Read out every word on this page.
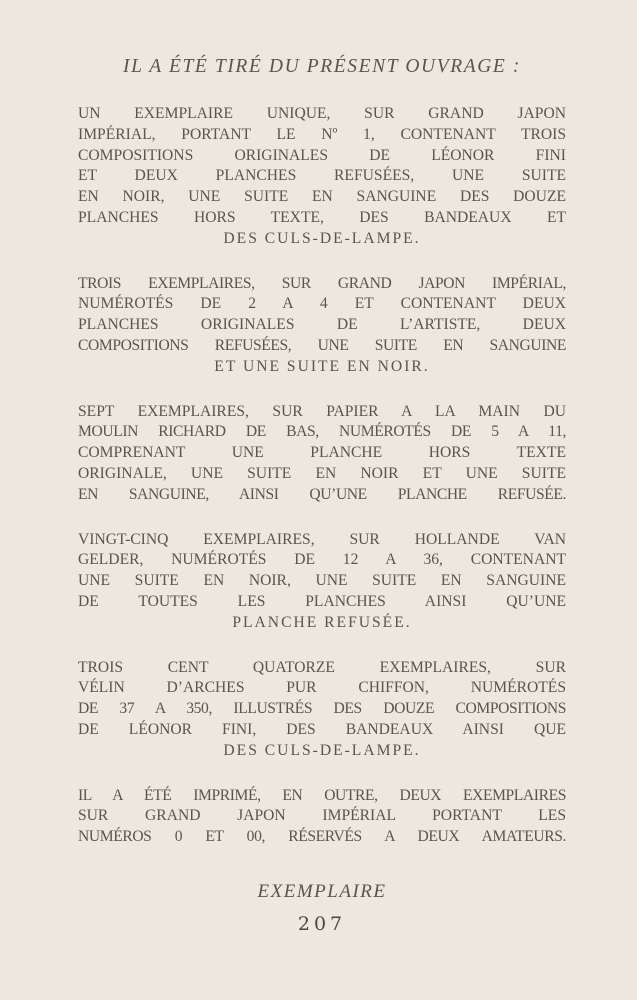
IL A ÉTÉ TIRÉ DU PRÉSENT OUVRAGE :
UN EXEMPLAIRE UNIQUE, SUR GRAND JAPON
IMPÉRIAL, PORTANT LE Nº 1, CONTENANT TROIS
COMPOSITIONS ORIGINALES DE LÉONOR FINI
ET DEUX PLANCHES REFUSÉES, UNE SUITE
EN NOIR, UNE SUITE EN SANGUINE DES DOUZE
PLANCHES HORS TEXTE, DES BANDEAUX ET
DES CULS-DE-LAMPE.
TROIS EXEMPLAIRES, SUR GRAND JAPON IMPÉRIAL,
NUMÉROTÉS DE 2 A 4 ET CONTENANT DEUX
PLANCHES ORIGINALES DE L’ARTISTE, DEUX
COMPOSITIONS REFUSÉES, UNE SUITE EN SANGUINE
ET UNE SUITE EN NOIR.
SEPT EXEMPLAIRES, SUR PAPIER A LA MAIN DU
MOULIN RICHARD DE BAS, NUMÉROTÉS DE 5 A 11,
COMPRENANT UNE PLANCHE HORS TEXTE
ORIGINALE, UNE SUITE EN NOIR ET UNE SUITE
EN SANGUINE, AINSI QU’UNE PLANCHE REFUSÉE.
VINGT-CINQ EXEMPLAIRES, SUR HOLLANDE VAN
GELDER, NUMÉROTÉS DE 12 A 36, CONTENANT
UNE SUITE EN NOIR, UNE SUITE EN SANGUINE
DE TOUTES LES PLANCHES AINSI QU’UNE
PLANCHE REFUSÉE.
TROIS CENT QUATORZE EXEMPLAIRES, SUR
VÉLIN D’ARCHES PUR CHIFFON, NUMÉROTÉS
DE 37 A 350, ILLUSTRÉS DES DOUZE COMPOSITIONS
DE LÉONOR FINI, DES BANDEAUX AINSI QUE
DES CULS-DE-LAMPE.
IL A ÉTÉ IMPRIMÉ, EN OUTRE, DEUX EXEMPLAIRES
SUR GRAND JAPON IMPÉRIAL PORTANT LES
NUMÉROS 0 ET 00, RÉSERVÉS A DEUX AMATEURS.
EXEMPLAIRE
207
